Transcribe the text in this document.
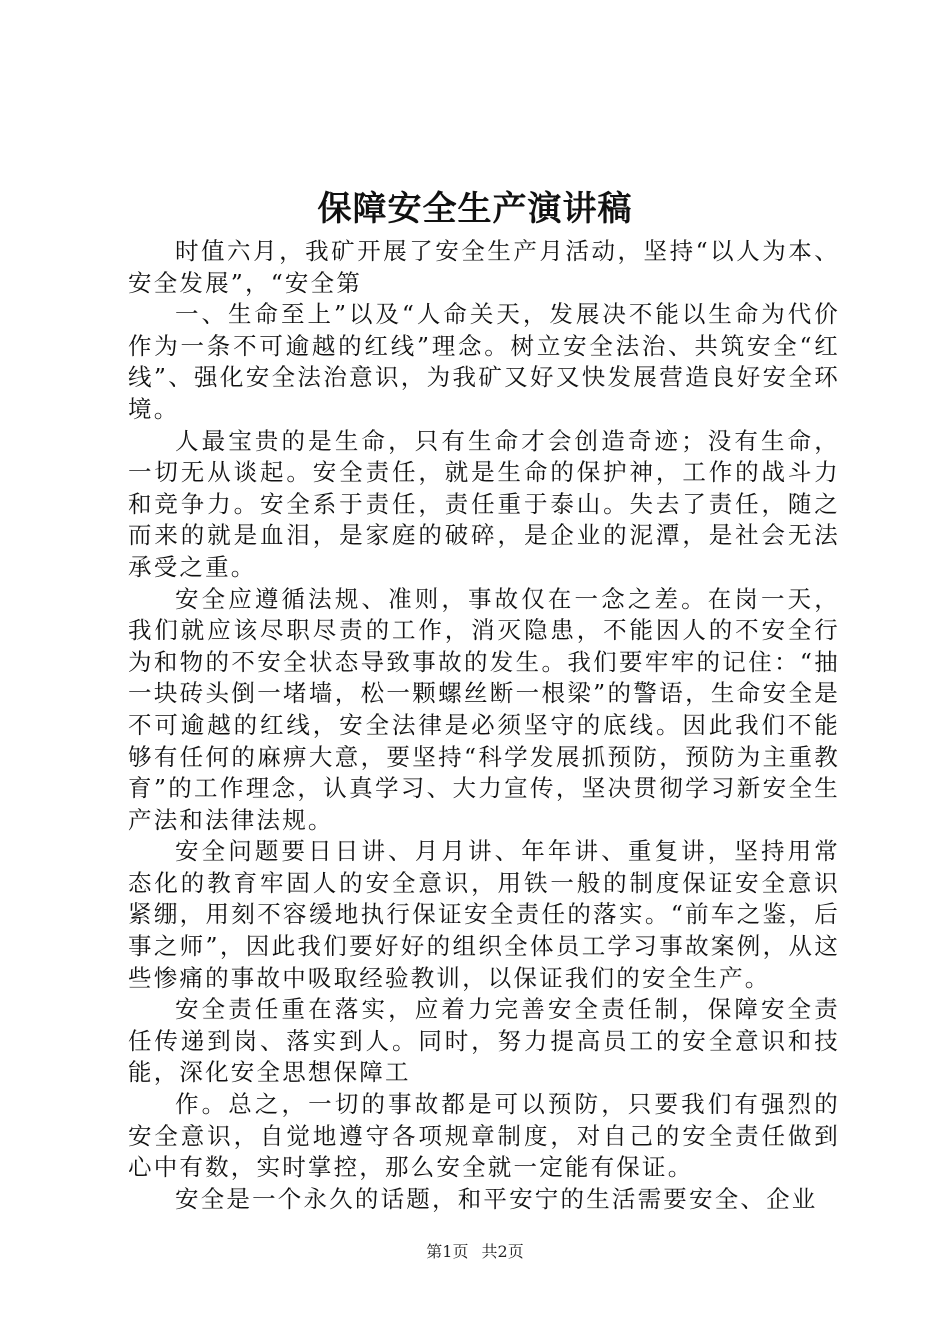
保障安全生产演讲稿

时值六月，我矿开展了安全生产月活动，坚持“以人为本、安全发展”，“安全第

一、生命至上”以及“人命关天，发展决不能以生命为代价作为一条不可逾越的红线”理念。树立安全法治、共筑安全“红线”、强化安全法治意识，为我矿又好又快发展营造良好安全环境。

人最宝贵的是生命，只有生命才会创造奇迹；没有生命，一切无从谈起。安全责任，就是生命的保护神，工作的战斗力和竞争力。安全系于责任，责任重于泰山。失去了责任，随之而来的就是血泪，是家庭的破碎，是企业的泥潭，是社会无法承受之重。

安全应遵循法规、准则，事故仅在一念之差。在岗一天，我们就应该尽职尽责的工作，消灭隐患，不能因人的不安全行为和物的不安全状态导致事故的发生。我们要牢牢的记住：“抽一块砖头倒一堵墙，松一颗螺丝断一根梁”的警语，生命安全是不可逾越的红线，安全法律是必须坚守的底线。因此我们不能够有任何的麻痹大意，要坚持“科学发展抓预防，预防为主重教育”的工作理念，认真学习、大力宣传，坚决贯彻学习新安全生产法和法律法规。

安全问题要日日讲、月月讲、年年讲、重复讲，坚持用常态化的教育牢固人的安全意识，用铁一般的制度保证安全意识紧绷，用刻不容缓地执行保证安全责任的落实。“前车之鉴，后事之师”，因此我们要好好的组织全体员工学习事故案例，从这些惨痛的事故中吸取经验教训，以保证我们的安全生产。

安全责任重在落实，应着力完善安全责任制，保障安全责任传递到岗、落实到人。同时，努力提高员工的安全意识和技能，深化安全思想保障工

作。总之，一切的事故都是可以预防，只要我们有强烈的安全意识，自觉地遵守各项规章制度，对自己的安全责任做到心中有数，实时掌控，那么安全就一定能有保证。

安全是一个永久的话题，和平安宁的生活需要安全、企业

第1页 共2页
